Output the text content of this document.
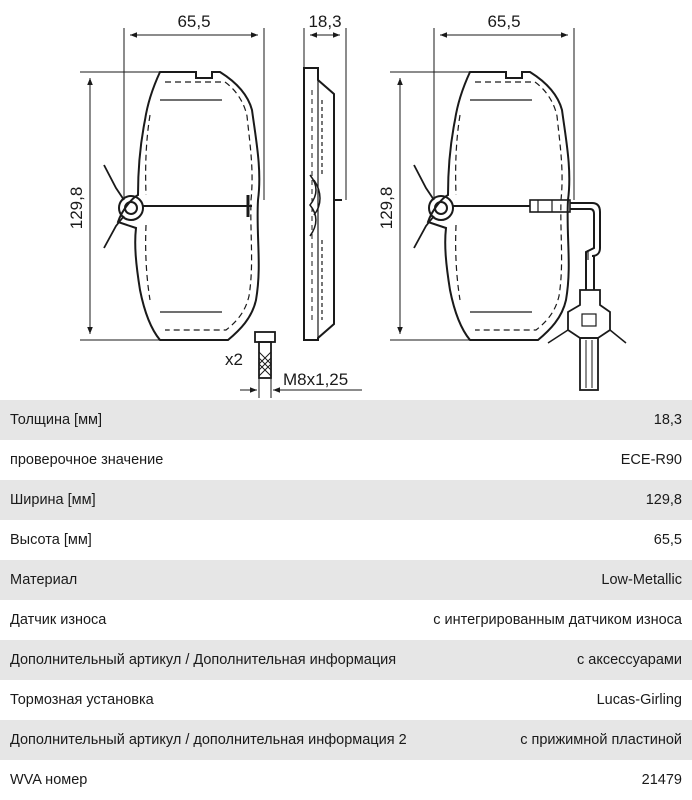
129,8
65,5	18,3
x2
M8x1,25
129,8
65,5
Толщина [мм]	18,3
проверочное значение	ECE-R90
Ширина [мм]	129,8
Высота [мм]	65,5
Материал	Low-Metallic
Датчик износа	с интегрированным датчиком износа
Дополнительный артикул / Дополнительная информация	с аксессуарами
Тормозная установка	Lucas-Girling
Дополнительный артикул / дополнительная информация 2	с прижимной пластиной
WVA номер	21479
